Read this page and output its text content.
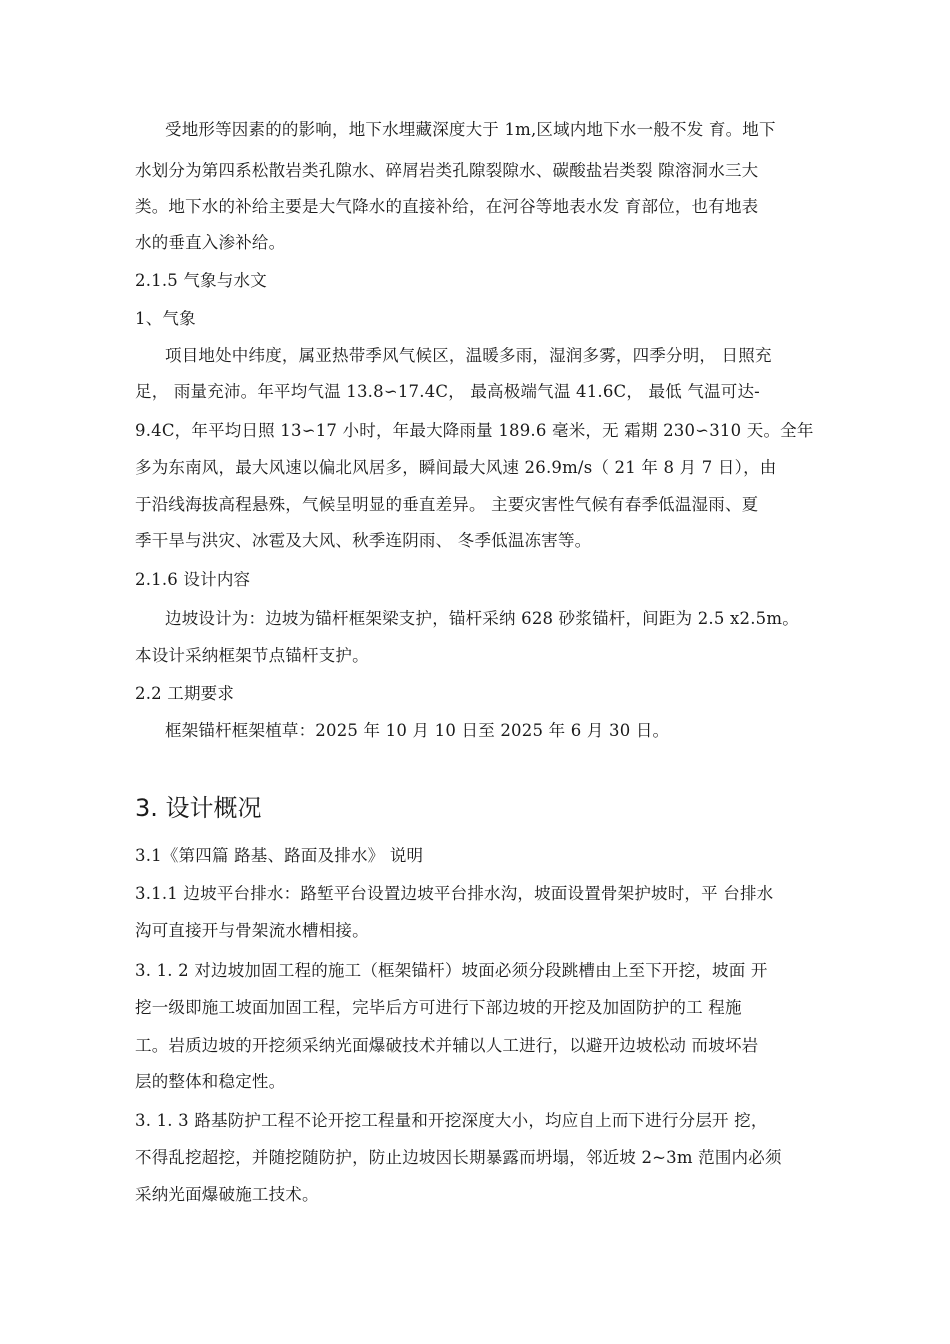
受地形等因素的的影响，地下水埋藏深度大于 1m,区域内地下水一般不发 育。地下
水划分为第四系松散岩类孔隙水、碎屑岩类孔隙裂隙水、碳酸盐岩类裂 隙溶洞水三大
类。地下水的补给主要是大气降水的直接补给，在河谷等地表水发 育部位，也有地表
水的垂直入渗补给。
2.1.5 气象与水文
1、气象
项目地处中纬度，属亚热带季风气候区，温暖多雨，湿润多雾，四季分明， 日照充
足， 雨量充沛。年平均气温 13.8∽17.4C， 最高极端气温 41.6C， 最低 气温可达-
9.4C，年平均日照 13∽17 小时，年最大降雨量 189.6 毫米，无 霜期 230∽310 天。全年
多为东南风，最大风速以偏北风居多，瞬间最大风速 26.9m/s（ 21 年 8 月 7 日），由
于沿线海拔高程悬殊，气候呈明显的垂直差异。 主要灾害性气候有春季低温湿雨、夏
季干旱与洪灾、冰雹及大风、秋季连阴雨、 冬季低温冻害等。
2.1.6 设计内容
边坡设计为：边坡为锚杆框架梁支护，锚杆采纳 628 砂浆锚杆，间距为 2.5 x2.5m。
本设计采纳框架节点锚杆支护。
2.2 工期要求
框架锚杆框架植草：2025 年 10 月 10 日至 2025 年 6 月 30 日。
3. 设计概况
3.1《第四篇 路基、路面及排水》 说明
3.1.1 边坡平台排水：路堑平台设置边坡平台排水沟，坡面设置骨架护坡时，平 台排水
沟可直接开与骨架流水槽相接。
3. 1. 2 对边坡加固工程的施工（框架锚杆）坡面必须分段跳槽由上至下开挖，坡面 开
挖一级即施工坡面加固工程，完毕后方可进行下部边坡的开挖及加固防护的工 程施
工。岩质边坡的开挖须采纳光面爆破技术并辅以人工进行，以避开边坡松动 而坡坏岩
层的整体和稳定性。
3. 1. 3 路基防护工程不论开挖工程量和开挖深度大小，均应自上而下进行分层开 挖，
不得乱挖超挖，并随挖随防护，防止边坡因长期暴露而坍塌，邻近坡 2~3m 范围内必须
采纳光面爆破施工技术。
